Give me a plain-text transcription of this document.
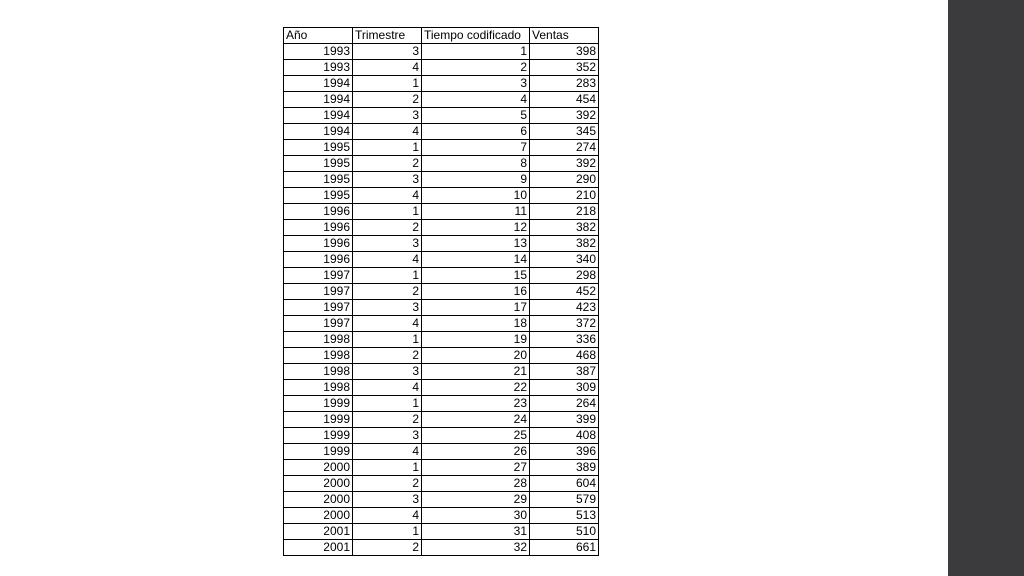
Año	Trimestre	Tiempo codificado	Ventas
1993	3	1	398
1993	4	2	352
1994	1	3	283
1994	2	4	454
1994	3	5	392
1994	4	6	345
1995	1	7	274
1995	2	8	392
1995	3	9	290
1995	4	10	210
1996	1	11	218
1996	2	12	382
1996	3	13	382
1996	4	14	340
1997	1	15	298
1997	2	16	452
1997	3	17	423
1997	4	18	372
1998	1	19	336
1998	2	20	468
1998	3	21	387
1998	4	22	309
1999	1	23	264
1999	2	24	399
1999	3	25	408
1999	4	26	396
2000	1	27	389
2000	2	28	604
2000	3	29	579
2000	4	30	513
2001	1	31	510
2001	2	32	661
